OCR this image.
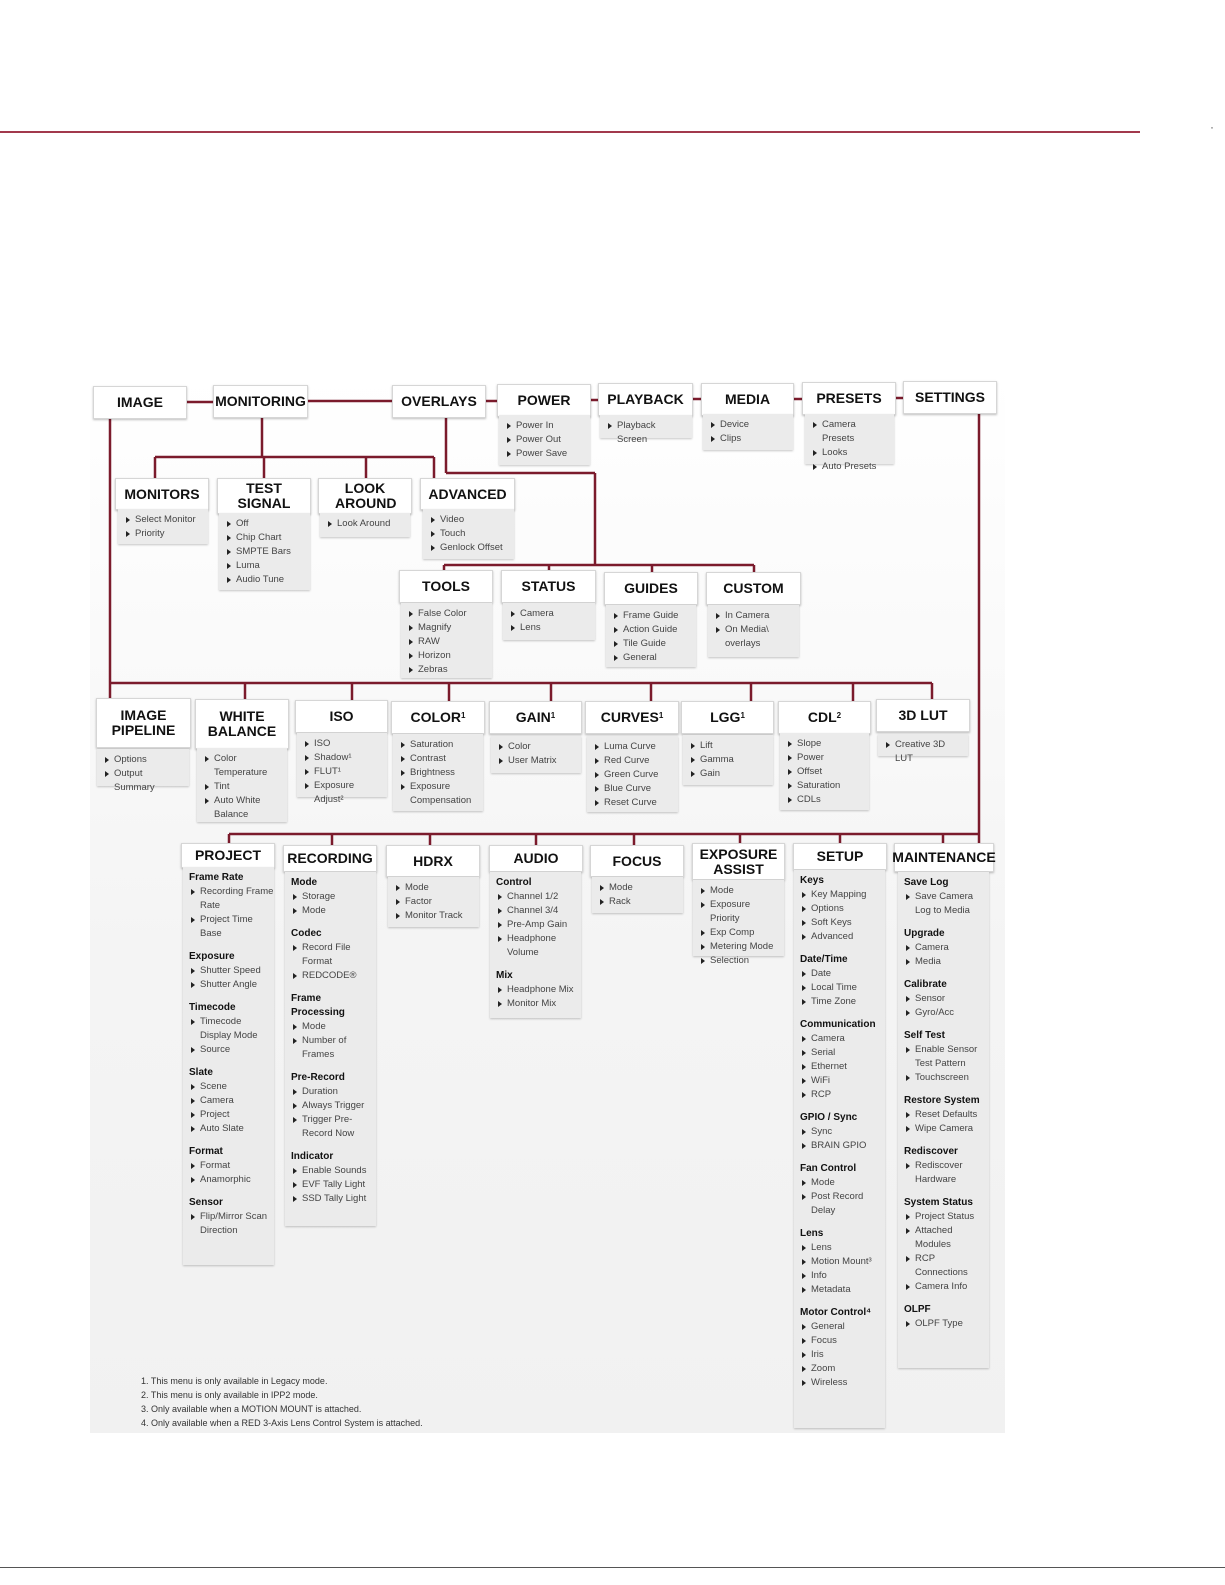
·
IMAGE	MONITORING	OVERLAYS	POWER
Power In
Power Out
Power Save
PLAYBACK
Playback Screen
MEDIA
Device
Clips
PRESETS
Camera Presets
Looks
Auto Presets
SETTINGS
MONITORS
Select Monitor
Priority
TEST SIGNAL
Off
Chip Chart
SMPTE Bars
Luma
Audio Tune
LOOK AROUND
Look Around
ADVANCED
Video
Touch
Genlock Offset
TOOLS
False Color
Magnify
RAW
Horizon
Zebras
STATUS
Camera
Lens
GUIDES
Frame Guide
Action Guide
Tile Guide
General
CUSTOM
In Camera
On Media\ overlays
IMAGE PIPELINE
Options
Output Summary
WHITE BALANCE
Color Temperature
Tint
Auto White Balance
ISO
ISO
Shadow¹
FLUT¹
Exposure Adjust²
COLOR$^1$
Saturation
Contrast
Brightness
Exposure Compensation
GAIN$^1$
Color
User Matrix
CURVES$^1$
Luma Curve
Red Curve
Green Curve
Blue Curve
Reset Curve
LGG$^1$
Lift
Gamma
Gain
CDL$^2$
Slope
Power
Offset
Saturation
CDLs
3D LUT
Creative 3D LUT
PROJECT
Frame Rate
Recording Frame Rate
Project Time Base
Exposure
Shutter Speed
Shutter Angle
Timecode
Timecode Display Mode
Source
Slate
Scene
Camera
Project
Auto Slate
Format
Format
Anamorphic
Sensor
Flip/Mirror Scan Direction
RECORDING
Mode
Storage
Mode
Codec
Record File Format
REDCODE®
Frame Processing
Mode
Number of Frames
Pre-Record
Duration
Always Trigger
Trigger Pre-Record Now
Indicator
Enable Sounds
EVF Tally Light
SSD Tally Light
HDRX
Mode
Factor
Monitor Track
AUDIO
Control
Channel 1/2
Channel 3/4
Pre-Amp Gain
Headphone Volume
Mix
Headphone Mix
Monitor Mix
FOCUS
Mode
Rack
EXPOSURE ASSIST
Mode
Exposure Priority
Exp Comp
Metering Mode
Selection
SETUP
Keys
Key Mapping
Options
Soft Keys
Advanced
Date/Time
Date
Local Time
Time Zone
Communication
Camera
Serial
Ethernet
WiFi
RCP
GPIO / Sync
Sync
BRAIN GPIO
Fan Control
Mode
Post Record Delay
Lens
Lens
Motion Mount³
Info
Metadata
Motor Control⁴
General
Focus
Iris
Zoom
Wireless
MAINTENANCE
Save Log
Save Camera Log to Media
Upgrade
Camera
Media
Calibrate
Sensor
Gyro/Acc
Self Test
Enable Sensor Test Pattern
Touchscreen
Restore System
Reset Defaults
Wipe Camera
Rediscover
Rediscover Hardware
System Status
Project Status
Attached Modules
RCP Connections
Camera Info
OLPF
OLPF Type
1. This menu is only available in Legacy mode.
2. This menu is only available in IPP2 mode.
3. Only available when a MOTION MOUNT is attached.
4. Only available when a RED 3-Axis Lens Control System is attached.
